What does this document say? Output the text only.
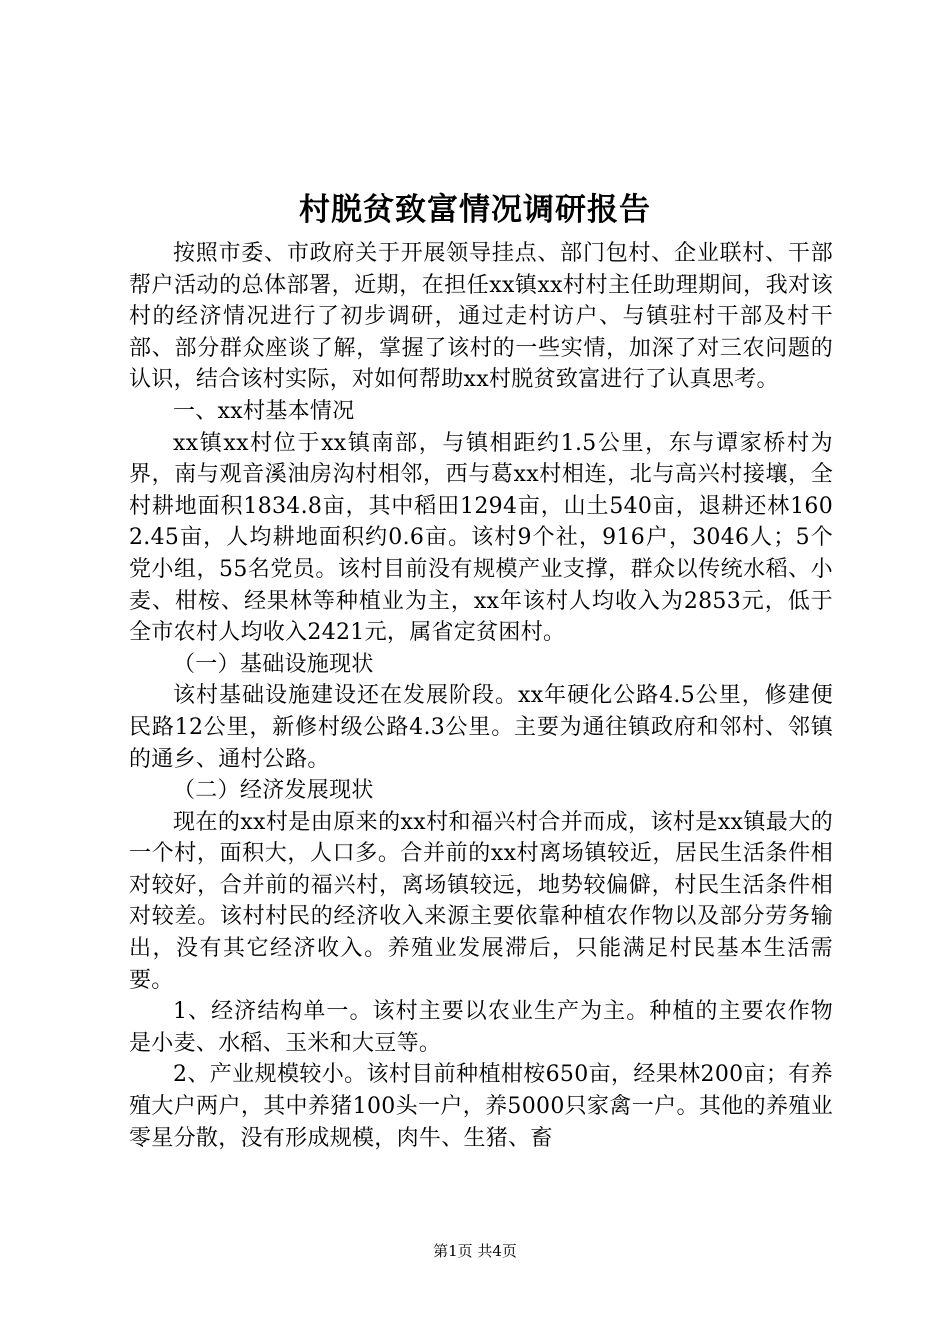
村脱贫致富情况调研报告

按照市委、市政府关于开展领导挂点、部门包村、企业联村、干部帮户活动的总体部署，近期，在担任xx镇xx村村主任助理期间，我对该村的经济情况进行了初步调研，通过走村访户、与镇驻村干部及村干部、部分群众座谈了解，掌握了该村的一些实情，加深了对三农问题的认识，结合该村实际，对如何帮助xx村脱贫致富进行了认真思考。

一、xx村基本情况

xx镇xx村位于xx镇南部，与镇相距约1.5公里，东与谭家桥村为界，南与观音溪油房沟村相邻，西与葛xx村相连，北与高兴村接壤，全村耕地面积1834.8亩，其中稻田1294亩，山土540亩，退耕还林1602.45亩，人均耕地面积约0.6亩。该村9个社，916户，3046人；5个党小组，55名党员。该村目前没有规模产业支撑，群众以传统水稻、小麦、柑桉、经果林等种植业为主，xx年该村人均收入为2853元，低于全市农村人均收入2421元，属省定贫困村。

（一）基础设施现状

该村基础设施建设还在发展阶段。xx年硬化公路4.5公里，修建便民路12公里，新修村级公路4.3公里。主要为通往镇政府和邻村、邻镇的通乡、通村公路。

（二）经济发展现状

现在的xx村是由原来的xx村和福兴村合并而成，该村是xx镇最大的一个村，面积大，人口多。合并前的xx村离场镇较近，居民生活条件相对较好，合并前的福兴村，离场镇较远，地势较偏僻，村民生活条件相对较差。该村村民的经济收入来源主要依靠种植农作物以及部分劳务输出，没有其它经济收入。养殖业发展滞后，只能满足村民基本生活需要。

1、经济结构单一。该村主要以农业生产为主。种植的主要农作物是小麦、水稻、玉米和大豆等。

2、产业规模较小。该村目前种植柑桉650亩，经果林200亩；有养殖大户两户，其中养猪100头一户，养5000只家禽一户。其他的养殖业零星分散，没有形成规模，肉牛、生猪、畜

第1页 共4页
